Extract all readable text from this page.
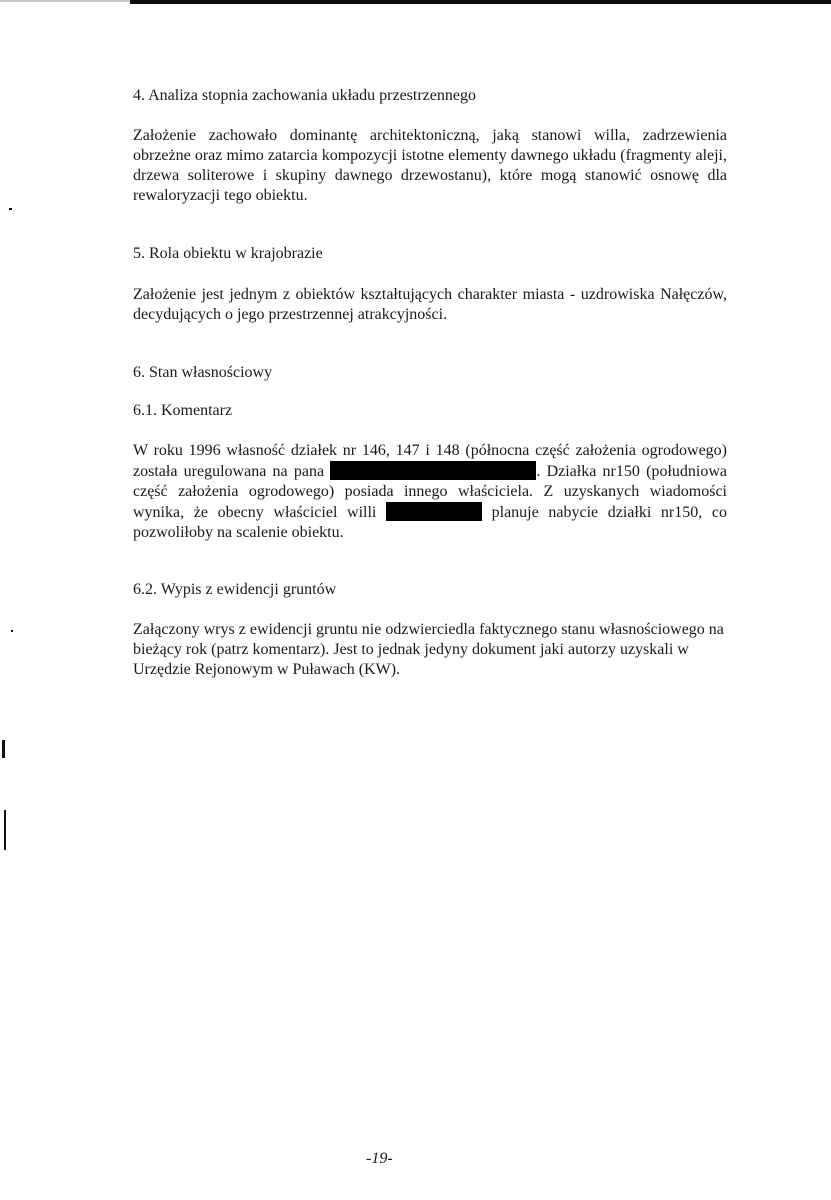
4. Analiza stopnia zachowania układu przestrzennego

Założenie zachowało dominantę architektoniczną, jaką stanowi willa, zadrzewienia obrzeżne oraz mimo zatarcia kompozycji istotne elementy dawnego układu (fragmenty aleji, drzewa soliterowe i skupiny dawnego drzewostanu), które mogą stanowić osnowę dla rewaloryzacji tego obiektu.

5. Rola obiektu w krajobrazie

Założenie jest jednym z obiektów kształtujących charakter miasta - uzdrowiska Nałęczów, decydujących o jego przestrzennej atrakcyjności.

6. Stan własnościowy

6.1. Komentarz

W roku 1996 własność działek nr 146, 147 i 148 (północna część założenia ogrodowego) została uregulowana na pana	. Działka nr150 (południowa część założenia ogrodowego) posiada innego właściciela. Z uzyskanych wiadomości wynika, że obecny właściciel willi	planuje nabycie działki nr150, co pozwoliłoby na scalenie obiektu.

6.2. Wypis z ewidencji gruntów

Załączony wrys z ewidencji gruntu nie odzwierciedla faktycznego stanu własnościowego na bieżący rok (patrz komentarz). Jest to jednak jedyny dokument jaki autorzy uzyskali w Urzędzie Rejonowym w Puławach (KW).

-19-
